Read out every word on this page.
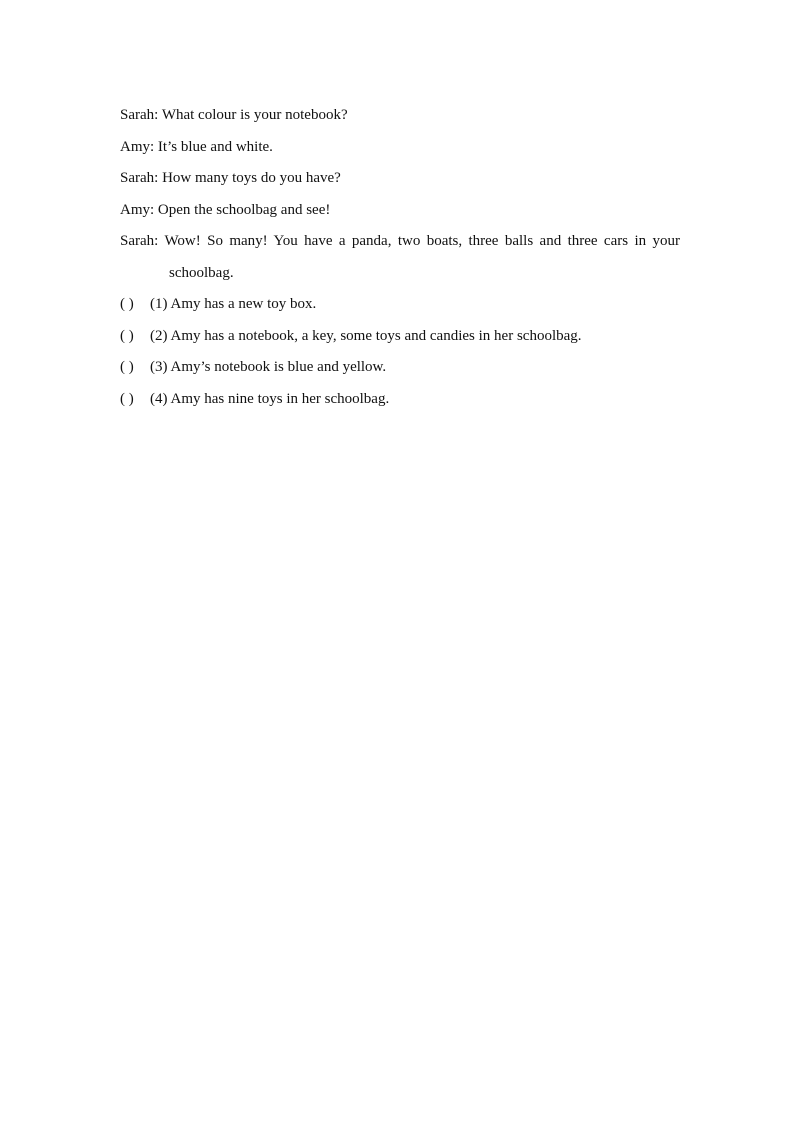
Sarah: What colour is your notebook?
Amy: It’s blue and white.
Sarah: How many toys do you have?
Amy: Open the schoolbag and see!
Sarah: Wow! So many! You have a panda, two boats, three balls and three cars in your
schoolbag.
( ) (1) Amy has a new toy box.
( ) (2) Amy has a notebook, a key, some toys and candies in her schoolbag.
( ) (3) Amy’s notebook is blue and yellow.
( ) (4) Amy has nine toys in her schoolbag.
